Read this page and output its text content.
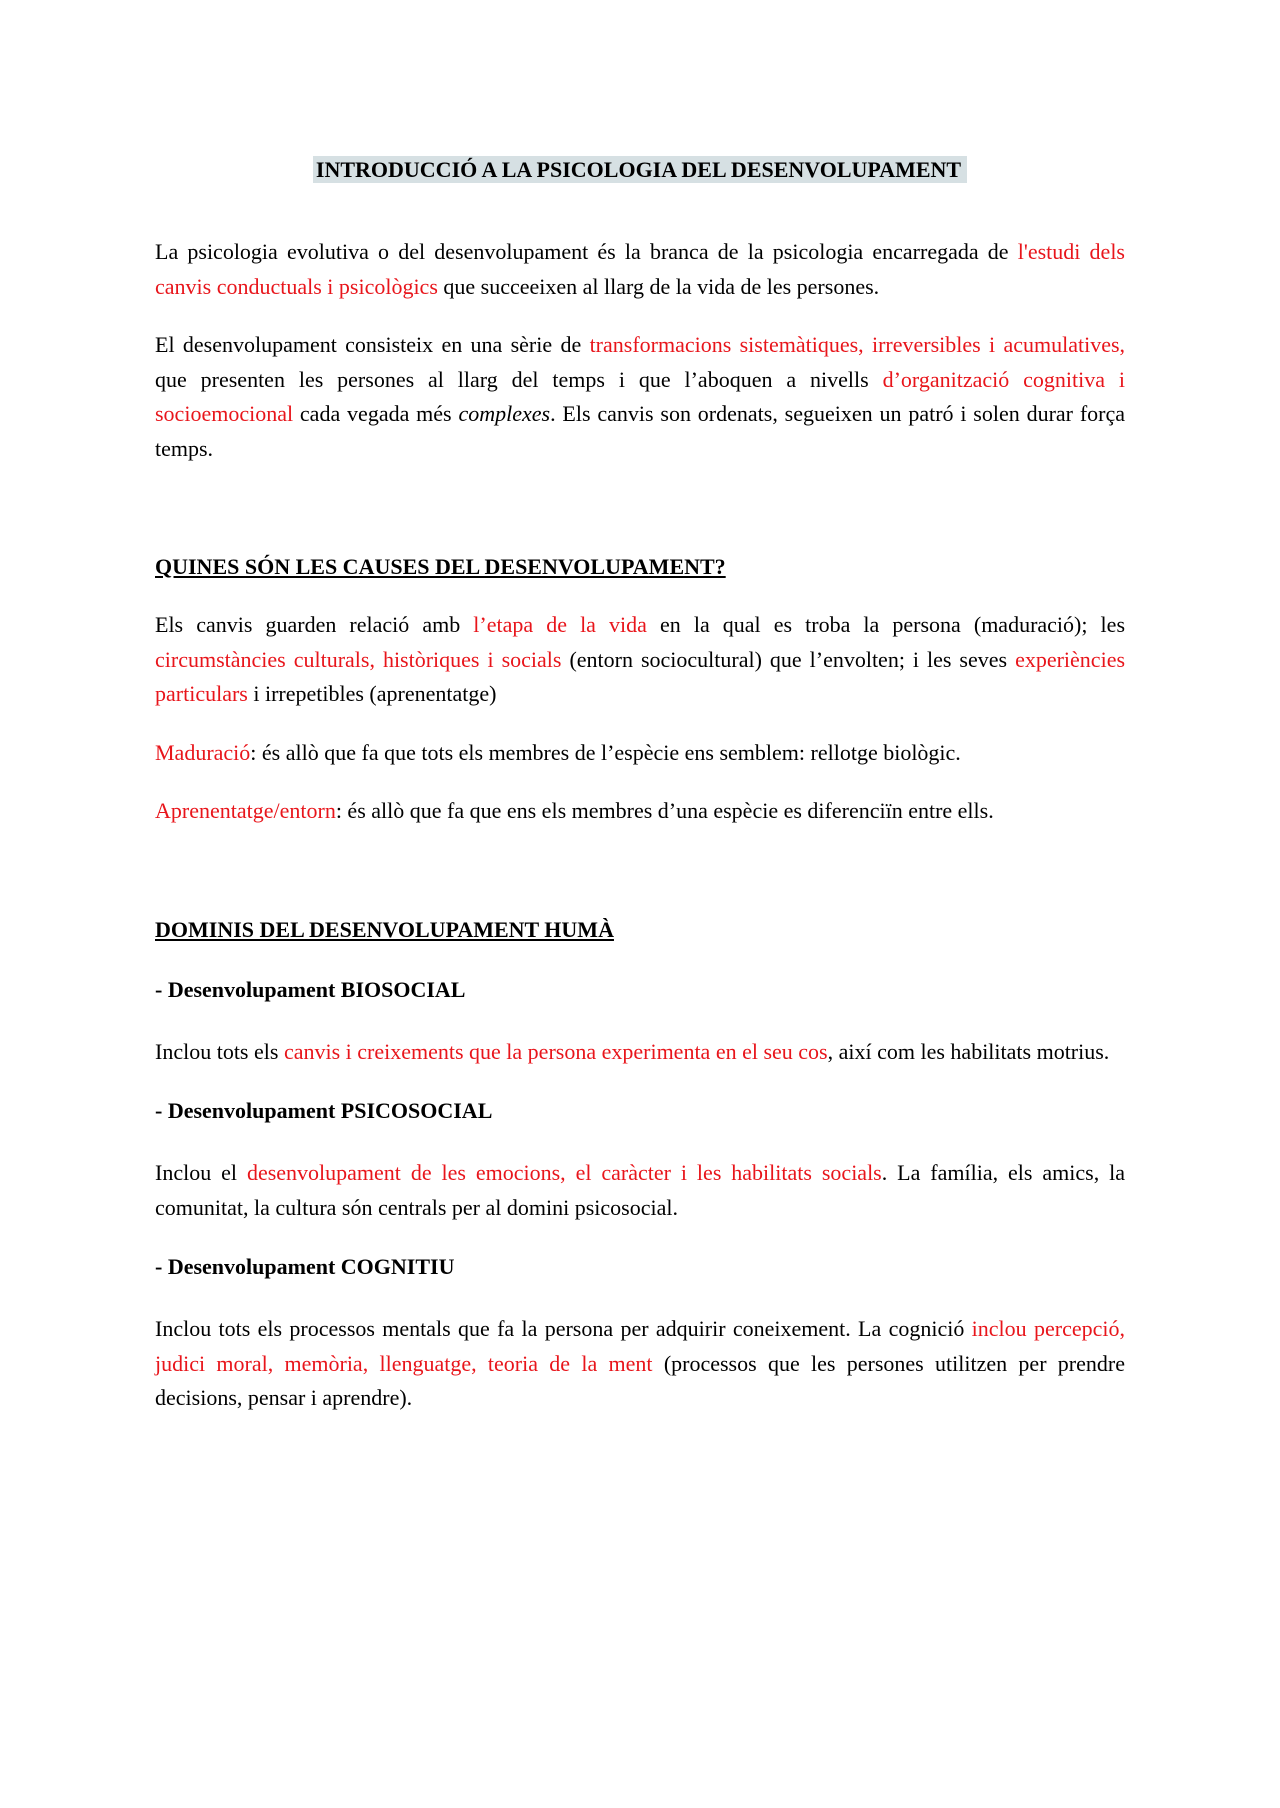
INTRODUCCIÓ A LA PSICOLOGIA DEL DESENVOLUPAMENT

La psicologia evolutiva o del desenvolupament és la branca de la psicologia encarregada de l'estudi dels canvis conductuals i psicològics que succeeixen al llarg de la vida de les persones.

El desenvolupament consisteix en una sèrie de transformacions sistemàtiques, irreversibles i acumulatives, que presenten les persones al llarg del temps i que l’aboquen a nivells d’organització cognitiva i socioemocional cada vegada més complexes. Els canvis son ordenats, segueixen un patró i solen durar força temps.

QUINES SÓN LES CAUSES DEL DESENVOLUPAMENT?

Els canvis guarden relació amb l’etapa de la vida en la qual es troba la persona (maduració); les circumstàncies culturals, històriques i socials (entorn sociocultural) que l’envolten; i les seves experiències particulars i irrepetibles (aprenentatge)

Maduració: és allò que fa que tots els membres de l’espècie ens semblem: rellotge biològic.

Aprenentatge/entorn: és allò que fa que ens els membres d’una espècie es diferenciïn entre ells.

DOMINIS DEL DESENVOLUPAMENT HUMÀ
- Desenvolupament BIOSOCIAL

Inclou tots els canvis i creixements que la persona experimenta en el seu cos, així com les habilitats motrius.

- Desenvolupament PSICOSOCIAL

Inclou el desenvolupament de les emocions, el caràcter i les habilitats socials. La família, els amics, la comunitat, la cultura són centrals per al domini psicosocial.

- Desenvolupament COGNITIU

Inclou tots els processos mentals que fa la persona per adquirir coneixement. La cognició inclou percepció, judici moral, memòria, llenguatge, teoria de la ment (processos que les persones utilitzen per prendre decisions, pensar i aprendre).
